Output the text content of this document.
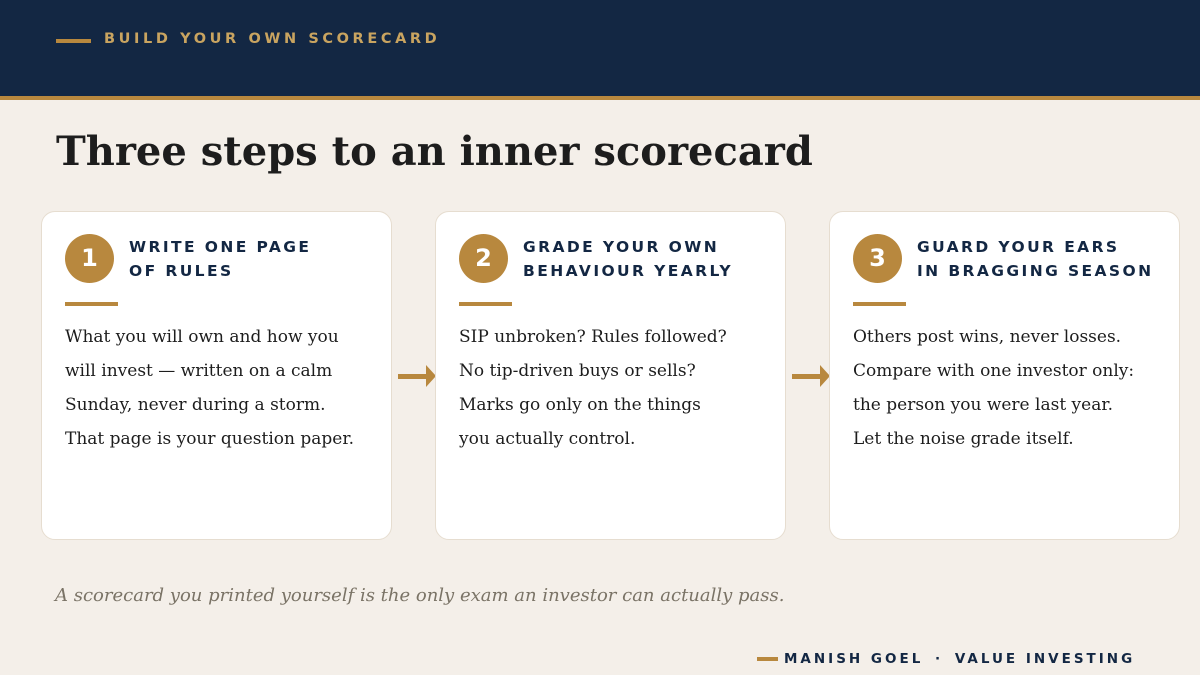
BUILD YOUR OWN SCORECARD
Three steps to an inner scorecard
1	WRITE ONE PAGE
OF RULES
What you will own and how you
will invest — written on a calm
Sunday, never during a storm.
That page is your question paper.
2	GRADE YOUR OWN
BEHAVIOUR YEARLY
SIP unbroken? Rules followed?
No tip-driven buys or sells?
Marks go only on the things
you actually control.
3	GUARD YOUR EARS
IN BRAGGING SEASON
Others post wins, never losses.
Compare with one investor only:
the person you were last year.
Let the noise grade itself.

A scorecard you printed yourself is the only exam an investor can actually pass.

MANISH GOEL · VALUE INVESTING
